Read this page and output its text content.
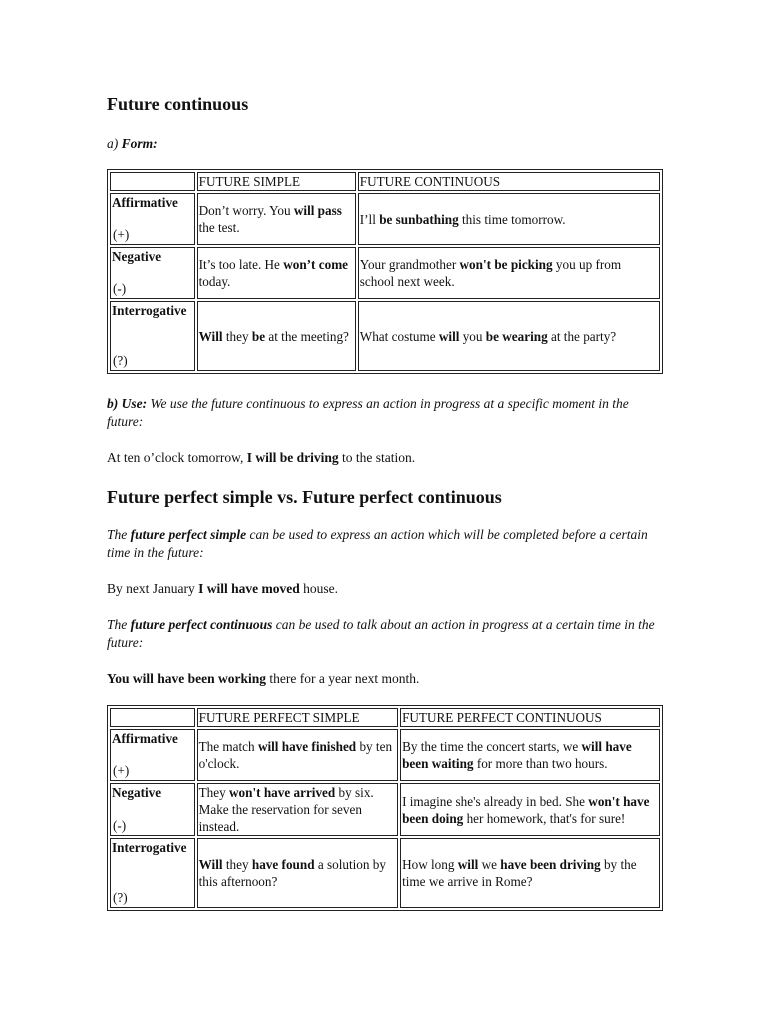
Future continuous

a) Form:

	FUTURE SIMPLE	FUTURE CONTINUOUS

Affirmative
(+)	Don’t worry. You will pass the test.	I’ll be sunbathing this time tomorrow.

Negative
(-)	It’s too late. He won’t come today.	Your grandmother won't be picking you up from school next week.

Interrogative
(?)	Will they be at the meeting?	What costume will you be wearing at the party?

b) Use: We use the future continuous to express an action in progress at a specific moment in the future:

At ten o’clock tomorrow, I will be driving to the station.

Future perfect simple vs. Future perfect continuous

The future perfect simple can be used to express an action which will be completed before a certain time in the future:

By next January I will have moved house.

The future perfect continuous can be used to talk about an action in progress at a certain time in the future:

You will have been working there for a year next month.

	FUTURE PERFECT SIMPLE	FUTURE PERFECT CONTINUOUS

Affirmative
(+)	The match will have finished by ten o'clock.	By the time the concert starts, we will have been waiting for more than two hours.

Negative
(-)	They won't have arrived by six. Make the reservation for seven instead.	I imagine she's already in bed. She won't have been doing her homework, that's for sure!

Interrogative
(?)	Will they have found a solution by this afternoon?	How long will we have been driving by the time we arrive in Rome?
